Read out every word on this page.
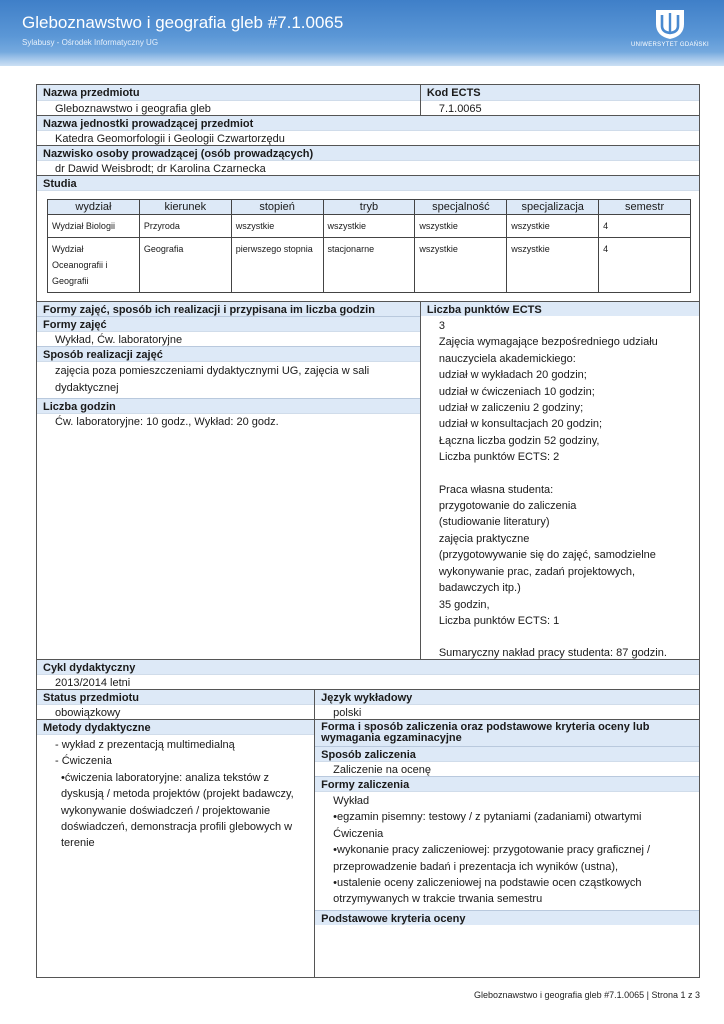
Gleboznawstwo i geografia gleb #7.1.0065
Sylabusy - Ośrodek Informatyczny UG	UNIWERSYTET GDAŃSKI
Nazwa przedmiotu
Gleboznawstwo i geografia gleb
Kod ECTS
7.1.0065
Nazwa jednostki prowadzącej przedmiot
Katedra Geomorfologii i Geologii Czwartorzędu
Nazwisko osoby prowadzącej (osób prowadzących)
dr Dawid Weisbrodt; dr Karolina Czarnecka
Studia
wydział	kierunek	stopień	tryb	specjalność	specjalizacja	semestr
Wydział Biologii	Przyroda	wszystkie	wszystkie	wszystkie	wszystkie	4
Wydział Oceanografii i Geografii	Geografia	pierwszego stopnia	stacjonarne	wszystkie	wszystkie	4
Formy zajęć, sposób ich realizacji i przypisana im liczba godzin
Formy zajęć
Wykład, Ćw. laboratoryjne
Sposób realizacji zajęć
zajęcia poza pomieszczeniami dydaktycznymi UG, zajęcia w sali dydaktycznej
Liczba godzin
Ćw. laboratoryjne: 10 godz., Wykład: 20 godz.
Liczba punktów ECTS
3
Zajęcia wymagające bezpośredniego udziału
nauczyciela akademickiego:
udział w wykładach 20 godzin;
udział w ćwiczeniach 10 godzin;
udział w zaliczeniu 2 godziny;
udział w konsultacjach 20 godzin;
Łączna liczba godzin 52 godziny,
Liczba punktów ECTS: 2
Praca własna studenta:
przygotowanie do zaliczenia
(studiowanie literatury)
zajęcia praktyczne
(przygotowywanie się do zajęć, samodzielne
wykonywanie prac, zadań projektowych,
badawczych itp.)
35 godzin,
Liczba punktów ECTS: 1
Sumaryczny nakład pracy studenta: 87 godzin.
Cykl dydaktyczny
2013/2014 letni
Status przedmiotu
obowiązkowy
Język wykładowy
polski
Metody dydaktyczne
- wykład z prezentacją multimedialną
- Ćwiczenia
•ćwiczenia laboratoryjne: analiza tekstów z
dyskusją / metoda projektów (projekt badawczy,
wykonywanie doświadczeń / projektowanie
doświadczeń, demonstracja profili glebowych w
terenie
Forma i sposób zaliczenia oraz podstawowe kryteria oceny lub wymagania egzaminacyjne
Sposób zaliczenia
Zaliczenie na ocenę
Formy zaliczenia
Wykład
•egzamin pisemny: testowy / z pytaniami (zadaniami) otwartymi
Ćwiczenia
•wykonanie pracy zaliczeniowej: przygotowanie pracy graficznej /
przeprowadzenie badań i prezentacja ich wyników (ustna),
•ustalenie oceny zaliczeniowej na podstawie ocen cząstkowych
otrzymywanych w trakcie trwania semestru
Podstawowe kryteria oceny
Gleboznawstwo i geografia gleb #7.1.0065 | Strona 1 z 3
